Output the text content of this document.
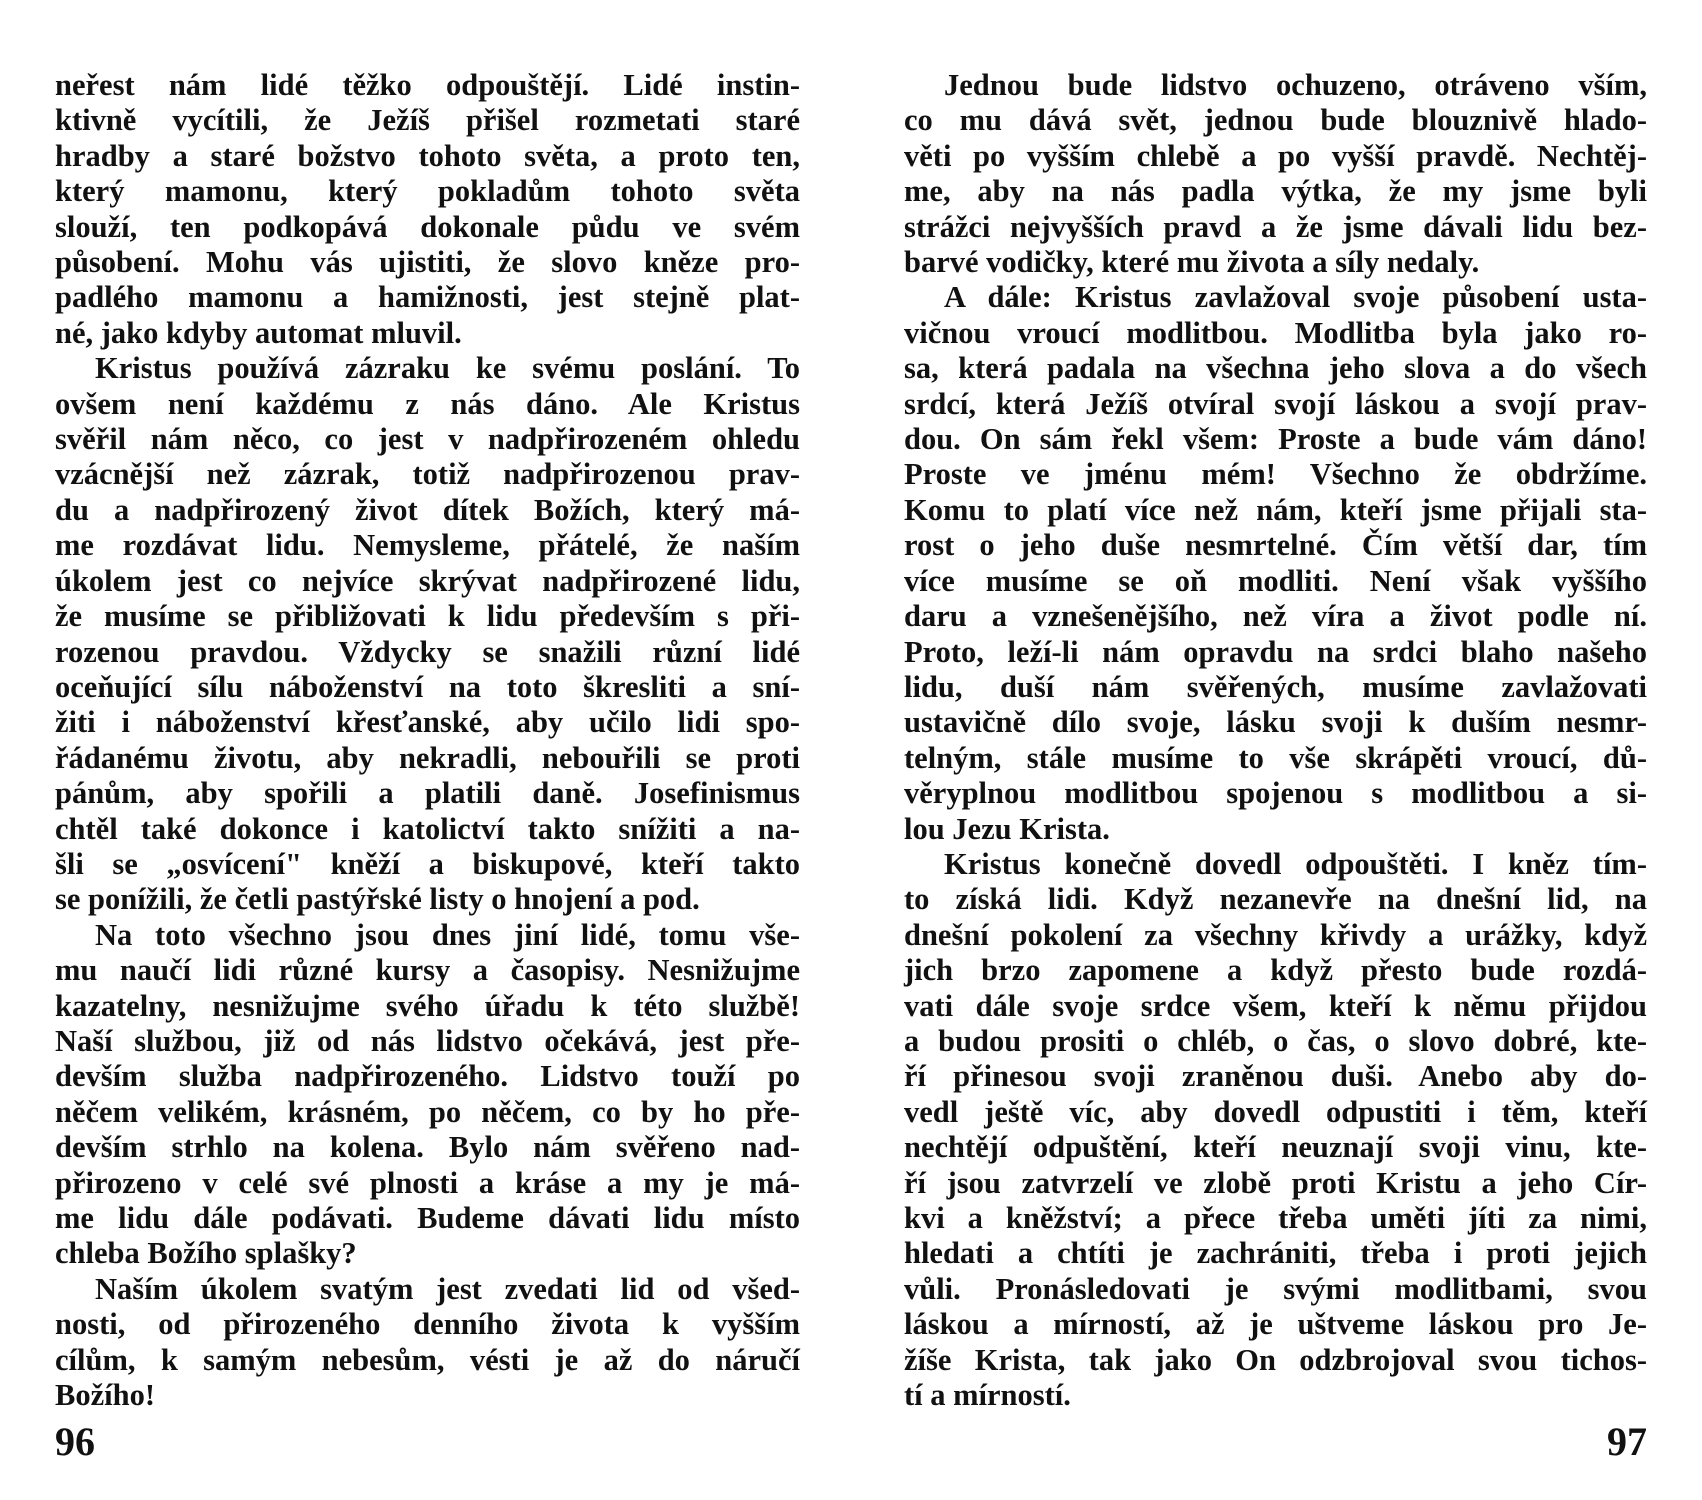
neřest nám lidé těžko odpouštějí. Lidé instin-
ktivně vycítili, že Ježíš přišel rozmetati staré
hradby a staré božstvo tohoto světa, a proto ten,
který mamonu, který pokladům tohoto světa
slouží, ten podkopává dokonale půdu ve svém
působení. Mohu vás ujistiti, že slovo kněze pro-
padlého mamonu a hamižnosti, jest stejně plat-
né, jako kdyby automat mluvil.
Kristus používá zázraku ke svému poslání. To
ovšem není každému z nás dáno. Ale Kristus
svěřil nám něco, co jest v nadpřirozeném ohledu
vzácnější než zázrak, totiž nadpřirozenou prav-
du a nadpřirozený život dítek Božích, který má-
me rozdávat lidu. Nemysleme, přátelé, že naším
úkolem jest co nejvíce skrývat nadpřirozené lidu,
že musíme se přibližovati k lidu především s při-
rozenou pravdou. Vždycky se snažili různí lidé
oceňující sílu náboženství na toto škresliti a sní-
žiti i náboženství křesťanské, aby učilo lidi spo-
řádanému životu, aby nekradli, nebouřili se proti
pánům, aby spořili a platili daně. Josefinismus
chtěl také dokonce i katolictví takto snížiti a na-
šli se „osvícení" kněží a biskupové, kteří takto
se ponížili, že četli pastýřské listy o hnojení a pod.
Na toto všechno jsou dnes jiní lidé, tomu vše-
mu naučí lidi různé kursy a časopisy. Nesnižujme
kazatelny, nesnižujme svého úřadu k této službě!
Naší službou, již od nás lidstvo očekává, jest pře-
devším služba nadpřirozeného. Lidstvo touží po
něčem velikém, krásném, po něčem, co by ho pře-
devším strhlo na kolena. Bylo nám svěřeno nad-
přirozeno v celé své plnosti a kráse a my je má-
me lidu dále podávati. Budeme dávati lidu místo
chleba Božího splašky?
Naším úkolem svatým jest zvedati lid od všed-
nosti, od přirozeného denního života k vyšším
cílům, k samým nebesům, vésti je až do náručí
Božího!
96
Jednou bude lidstvo ochuzeno, otráveno vším,
co mu dává svět, jednou bude blouznivě hlado-
věti po vyšším chlebě a po vyšší pravdě. Nechtěj-
me, aby na nás padla výtka, že my jsme byli
strážci nejvyšších pravd a že jsme dávali lidu bez-
barvé vodičky, které mu života a síly nedaly.
A dále: Kristus zavlažoval svoje působení usta-
vičnou vroucí modlitbou. Modlitba byla jako ro-
sa, která padala na všechna jeho slova a do všech
srdcí, která Ježíš otvíral svojí láskou a svojí prav-
dou. On sám řekl všem: Proste a bude vám dáno!
Proste ve jménu mém! Všechno že obdržíme.
Komu to platí více než nám, kteří jsme přijali sta-
rost o jeho duše nesmrtelné. Čím větší dar, tím
více musíme se oň modliti. Není však vyššího
daru a vznešenějšího, než víra a život podle ní.
Proto, leží-li nám opravdu na srdci blaho našeho
lidu, duší nám svěřených, musíme zavlažovati
ustavičně dílo svoje, lásku svoji k duším nesmr-
telným, stále musíme to vše skrápěti vroucí, dů-
věryplnou modlitbou spojenou s modlitbou a si-
lou Jezu Krista.
Kristus konečně dovedl odpouštěti. I kněz tím-
to získá lidi. Když nezanevře na dnešní lid, na
dnešní pokolení za všechny křivdy a urážky, když
jich brzo zapomene a když přesto bude rozdá-
vati dále svoje srdce všem, kteří k němu přijdou
a budou prositi o chléb, o čas, o slovo dobré, kte-
ří přinesou svoji zraněnou duši. Anebo aby do-
vedl ještě víc, aby dovedl odpustiti i těm, kteří
nechtějí odpuštění, kteří neuznají svoji vinu, kte-
ří jsou zatvrzelí ve zlobě proti Kristu a jeho Cír-
kvi a kněžství; a přece třeba uměti jíti za nimi,
hledati a chtíti je zachrániti, třeba i proti jejich
vůli. Pronásledovati je svými modlitbami, svou
láskou a mírností, až je uštveme láskou pro Je-
žíše Krista, tak jako On odzbrojoval svou tichos-
tí a mírností.
97
